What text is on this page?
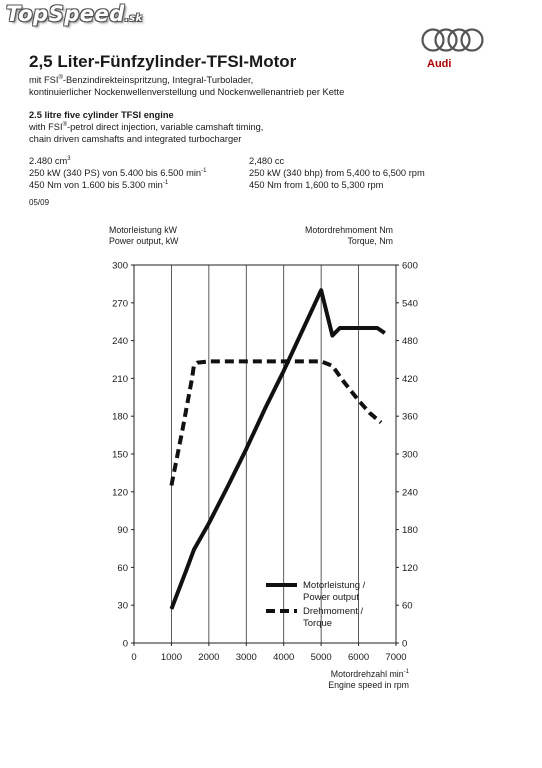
TopSpeed.sk
Audi
2,5 Liter-Fünfzylinder-TFSI-Motor
mit FSI®-Benzindirekteinspritzung, Integral-Turbolader,
kontinuierlicher Nockenwellenverstellung und Nockenwellenantrieb per Kette
2.5 litre five cylinder TFSI engine
with FSI®-petrol direct injection, variable camshaft timing,
chain driven camshafts and integrated turbocharger
2.480 $cm^3$
250 kW (340 PS) von 5.400 bis 6.500 $\min^{-1}$
450 Nm von 1.600 bis 5.300 $\min^{-1}$
2,480 cc
250 kW (340 bhp) from 5,400 to 6,500 rpm
450 Nm from 1,600 to 5,300 rpm
05/09
Motorleistung kW
Power output, kW
Motordrehmoment Nm
Torque, Nm
Motordrehzahl $\min^{-1}$
Engine speed in rpm
0
30
60
90
120
150
180
210
240
270
300
0
60
120
180
240
300
360
420
480
540
600
0	1000 2000 3000 4000 5000 6000 7000
Motorleistung /
Power output
Drehmoment /
Torque
